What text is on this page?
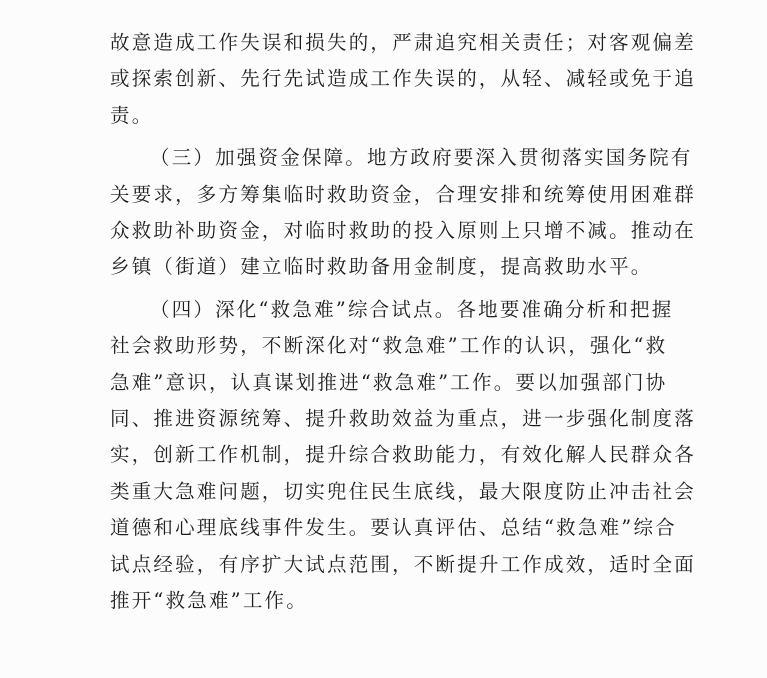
故意造成工作失误和损失的，严肃追究相关责任；对客观偏差
或探索创新、先行先试造成工作失误的，从轻、减轻或免于追
责。

（三）加强资金保障。地方政府要深入贯彻落实国务院有
关要求，多方筹集临时救助资金，合理安排和统筹使用困难群
众救助补助资金，对临时救助的投入原则上只增不减。推动在
乡镇（街道）建立临时救助备用金制度，提高救助水平。

（四）深化“救急难”综合试点。各地要准确分析和把握
社会救助形势，不断深化对“救急难”工作的认识，强化“救
急难”意识，认真谋划推进“救急难”工作。要以加强部门协
同、推进资源统筹、提升救助效益为重点，进一步强化制度落
实，创新工作机制，提升综合救助能力，有效化解人民群众各
类重大急难问题，切实兜住民生底线，最大限度防止冲击社会
道德和心理底线事件发生。要认真评估、总结“救急难”综合
试点经验，有序扩大试点范围，不断提升工作成效，适时全面
推开“救急难”工作。
